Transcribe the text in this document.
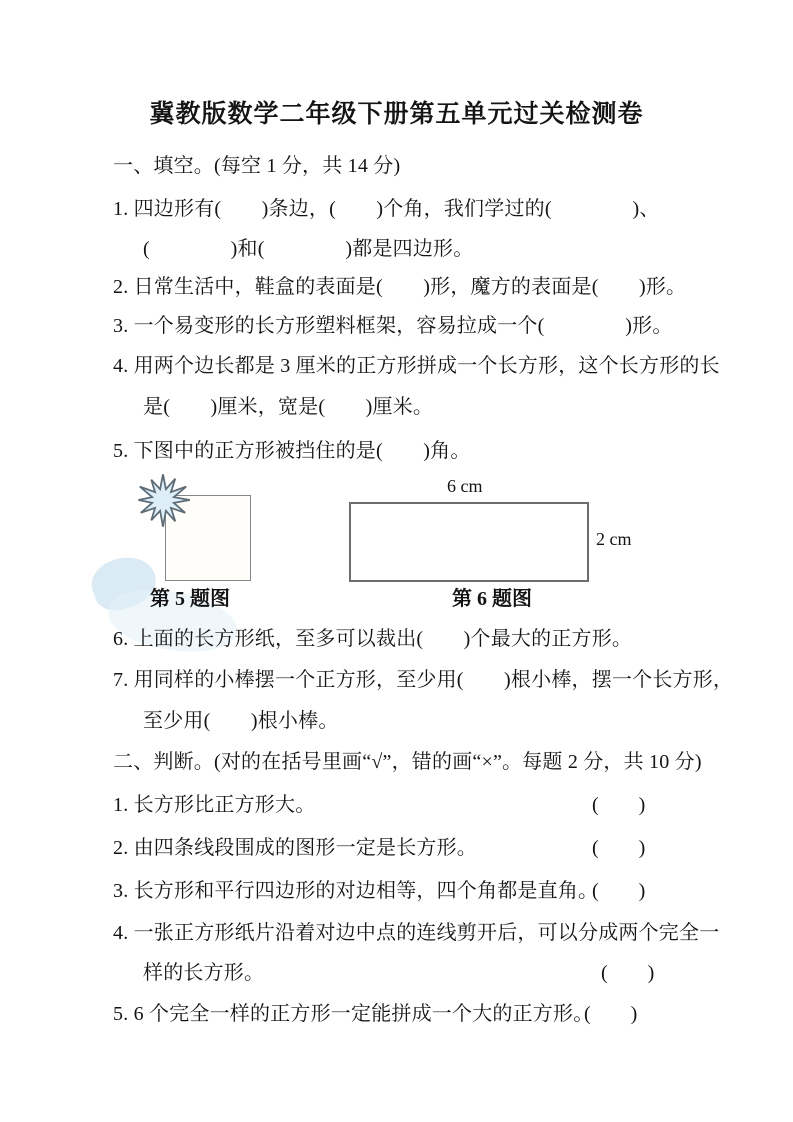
冀教版数学二年级下册第五单元过关检测卷
一、填空。(每空 1 分，共 14 分)
1. 四边形有(　　)条边，(　　)个角，我们学过的(　　　　)、
(　　　　)和(　　　　)都是四边形。
2. 日常生活中，鞋盒的表面是(　　)形，魔方的表面是(　　)形。
3. 一个易变形的长方形塑料框架，容易拉成一个(　　　　)形。
4. 用两个边长都是 3 厘米的正方形拼成一个长方形，这个长方形的长
是(　　)厘米，宽是(　　)厘米。
5. 下图中的正方形被挡住的是(　　)角。
第 5 题图
6 cm
2 cm
第 6 题图
6. 上面的长方形纸，至多可以裁出(　　)个最大的正方形。
7. 用同样的小棒摆一个正方形，至少用(　　)根小棒，摆一个长方形，
至少用(　　)根小棒。
二、判断。(对的在括号里画“√”，错的画“×”。每题 2 分，共 10 分)
1. 长方形比正方形大。	(　　)
2. 由四条线段围成的图形一定是长方形。	(　　)
3. 长方形和平行四边形的对边相等，四个角都是直角。
(　　)
4. 一张正方形纸片沿着对边中点的连线剪开后，可以分成两个完全一
样的长方形。	(　　)
5. 6 个完全一样的正方形一定能拼成一个大的正方形。
(　　)
